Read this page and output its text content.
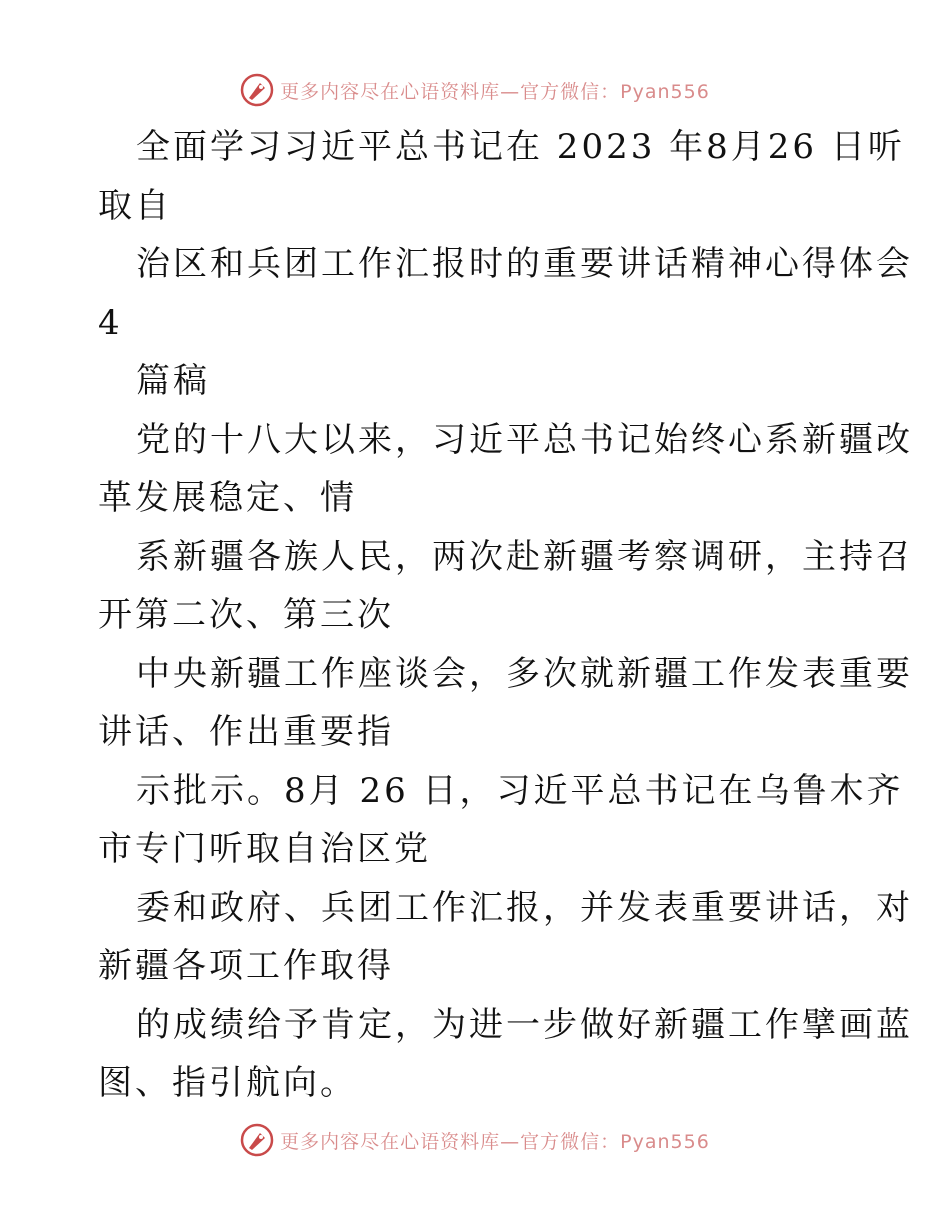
更多内容尽在心语资料库—官方微信：Pyan556
全面学习习近平总书记在 2023 年8月26 日听
取自
治区和兵团工作汇报时的重要讲话精神心得体会
4
篇稿
党的十八大以来，习近平总书记始终心系新疆改
革发展稳定、情
系新疆各族人民，两次赴新疆考察调研，主持召
开第二次、第三次
中央新疆工作座谈会，多次就新疆工作发表重要
讲话、作出重要指
示批示。8月 26 日，习近平总书记在乌鲁木齐
市专门听取自治区党
委和政府、兵团工作汇报，并发表重要讲话，对
新疆各项工作取得
的成绩给予肯定，为进一步做好新疆工作擘画蓝
图、指引航向。
更多内容尽在心语资料库—官方微信：Pyan556
